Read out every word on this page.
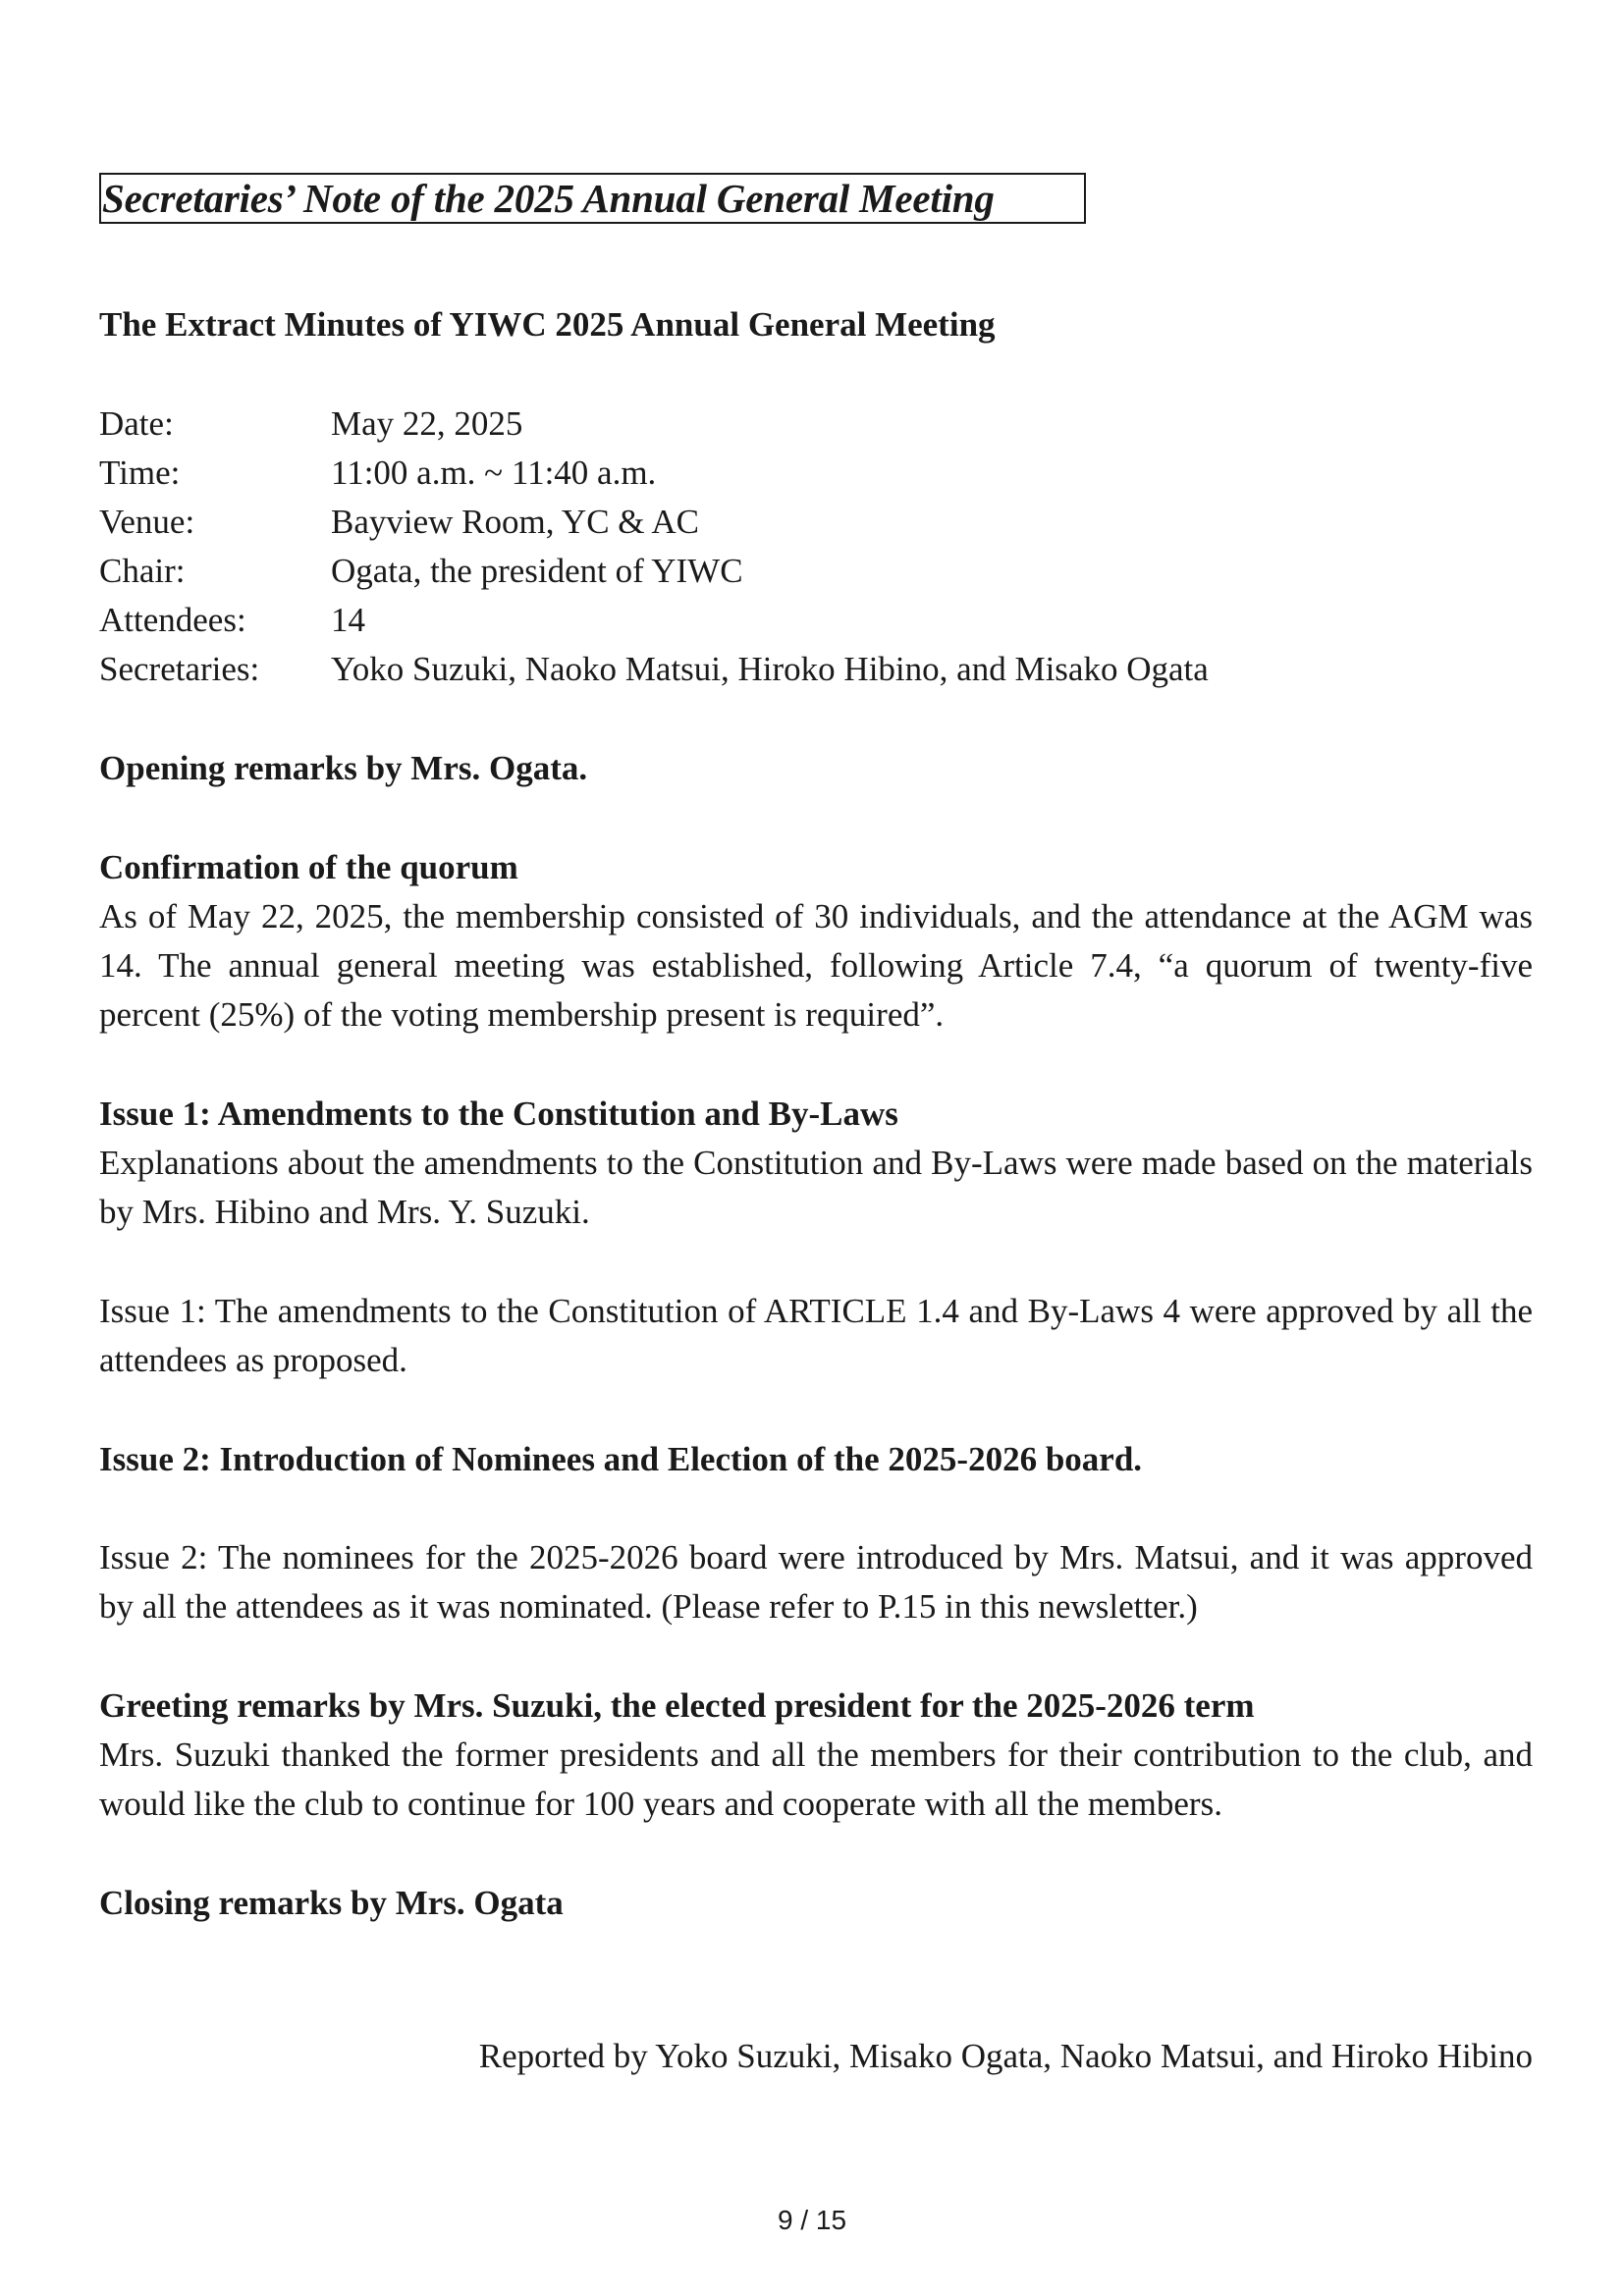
Secretaries’ Note of the 2025 Annual General Meeting
The Extract Minutes of YIWC 2025 Annual General Meeting
Date:	May 22, 2025
Time:	11:00 a.m. ~ 11:40 a.m.
Venue:	Bayview Room, YC & AC
Chair:	Ogata, the president of YIWC
Attendees: 14
Secretaries: Yoko Suzuki, Naoko Matsui, Hiroko Hibino, and Misako Ogata
Opening remarks by Mrs. Ogata.
Confirmation of the quorum
As of May 22, 2025, the membership consisted of 30 individuals, and the attendance at the AGM was 14. The annual general meeting was established, following Article 7.4, “a quorum of twenty-five percent (25%) of the voting membership present is required”.
Issue 1: Amendments to the Constitution and By-Laws
Explanations about the amendments to the Constitution and By-Laws were made based on the materials by Mrs. Hibino and Mrs. Y. Suzuki.
Issue 1: The amendments to the Constitution of ARTICLE 1.4 and By-Laws 4 were approved by all the attendees as proposed.
Issue 2: Introduction of Nominees and Election of the 2025-2026 board.
Issue 2: The nominees for the 2025-2026 board were introduced by Mrs. Matsui, and it was approved by all the attendees as it was nominated. (Please refer to P.15 in this newsletter.)
Greeting remarks by Mrs. Suzuki, the elected president for the 2025-2026 term
Mrs. Suzuki thanked the former presidents and all the members for their contribution to the club, and would like the club to continue for 100 years and cooperate with all the members.
Closing remarks by Mrs. Ogata
Reported by Yoko Suzuki, Misako Ogata, Naoko Matsui, and Hiroko Hibino
9 / 15
